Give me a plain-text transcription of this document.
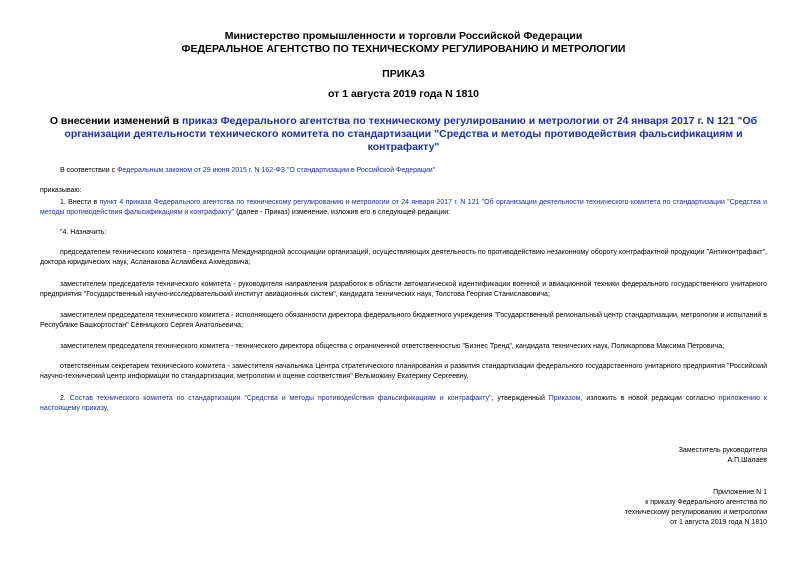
Министерство промышленности и торговли Российской Федерации
ФЕДЕРАЛЬНОЕ АГЕНТСТВО ПО ТЕХНИЧЕСКОМУ РЕГУЛИРОВАНИЮ И МЕТРОЛОГИИ
ПРИКАЗ
от 1 августа 2019 года N 1810
О внесении изменений в приказ Федерального агентства по техническому регулированию и метрологии от 24 января 2017 г. N 121 "Об организации деятельности технического комитета по стандартизации "Средства и методы противодействия фальсификациям и контрафакту"
В соответствии с Федеральным законом от 29 июня 2015 г. N 162-ФЗ "О стандартизации в Российской Федерации"
приказываю:
1. Внести в пункт 4 приказа Федерального агентства по техническому регулированию и метрологии от 24 января 2017 г. N 121 "Об организации деятельности технического комитета по стандартизации "Средства и методы противодействия фальсификациям и контрафакту" (далее - Приказ) изменение, изложив его в следующей редакции:
"4. Назначить:
председателем технического комитета - президента Международной ассоциации организаций, осуществляющих деятельность по противодействию незаконному обороту контрафактной продукции "Антиконтрафакт", доктора юридических наук, Асланакова Асламбека Ахмедовича;
заместителем председателя технического комитета - руководителя направления разработок в области автоматической идентификации военной и авиационной техники федерального государственного унитарного предприятия "Государственный научно-исследовательский институт авиационных систем", кандидата технических наук, Толстова Георгия Станиславовича;
заместителем председателя технического комитета - исполняющего обязанности директора федерального бюджетного учреждения "Государственный региональный центр стандартизации, метрологии и испытаний в Республике Башкортостан" Севницкого Сергея Анатольевича;
заместителем председателя технического комитета - технического директора общества с ограниченной ответственностью "Бизнес Тренд", кандидата технических наук, Поликарпова Максима Петровича;
ответственным секретарем технического комитета - заместителя начальника Центра стратегического планирования и развития стандартизации федерального государственного унитарного предприятия "Российский научно-технический центр информации по стандартизации, метрологии и оценке соответствия" Вельможину Екатерину Сергеевну.
2. Состав технического комитета по стандартизации "Средства и методы противодействия фальсификациям и контрафакту", утвержденный Приказом, изложить в новой редакции согласно приложению к настоящему приказу.
Заместитель руководителя
А.П.Шалаев
Приложение N 1
к приказу Федерального агентства по
техническому регулированию и метрологии
от 1 августа 2019 года N 1810
